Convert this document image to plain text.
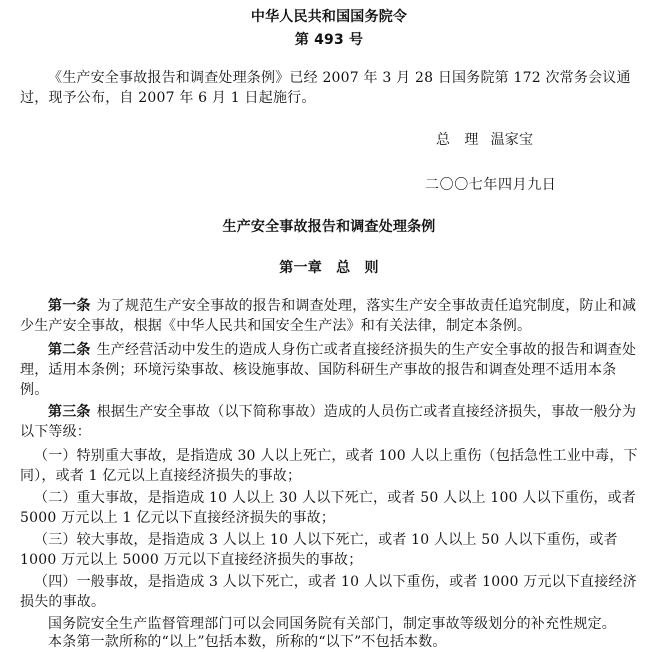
中华人民共和国国务院令
第 493 号
《生产安全事故报告和调查处理条例》已经 2007 年 3 月 28 日国务院第 172 次常务会议通过，现予公布，自 2007 年 6 月 1 日起施行。
总　理 温家宝
二〇〇七年四月九日
生产安全事故报告和调查处理条例
第一章　总　则
第一条 为了规范生产安全事故的报告和调查处理，落实生产安全事故责任追究制度，防止和减少生产安全事故，根据《中华人民共和国安全生产法》和有关法律，制定本条例。
第二条 生产经营活动中发生的造成人身伤亡或者直接经济损失的生产安全事故的报告和调查处理，适用本条例；环境污染事故、核设施事故、国防科研生产事故的报告和调查处理不适用本条例。
第三条 根据生产安全事故（以下简称事故）造成的人员伤亡或者直接经济损失，事故一般分为以下等级：
（一）特别重大事故，是指造成 30 人以上死亡，或者 100 人以上重伤（包括急性工业中毒，下同），或者 1 亿元以上直接经济损失的事故；
（二）重大事故，是指造成 10 人以上 30 人以下死亡，或者 50 人以上 100 人以下重伤，或者 5000 万元以上 1 亿元以下直接经济损失的事故；
（三）较大事故，是指造成 3 人以上 10 人以下死亡，或者 10 人以上 50 人以下重伤，或者 1000 万元以上 5000 万元以下直接经济损失的事故；
（四）一般事故，是指造成 3 人以下死亡，或者 10 人以下重伤，或者 1000 万元以下直接经济损失的事故。
国务院安全生产监督管理部门可以会同国务院有关部门，制定事故等级划分的补充性规定。
本条第一款所称的“以上”包括本数，所称的“以下”不包括本数。
